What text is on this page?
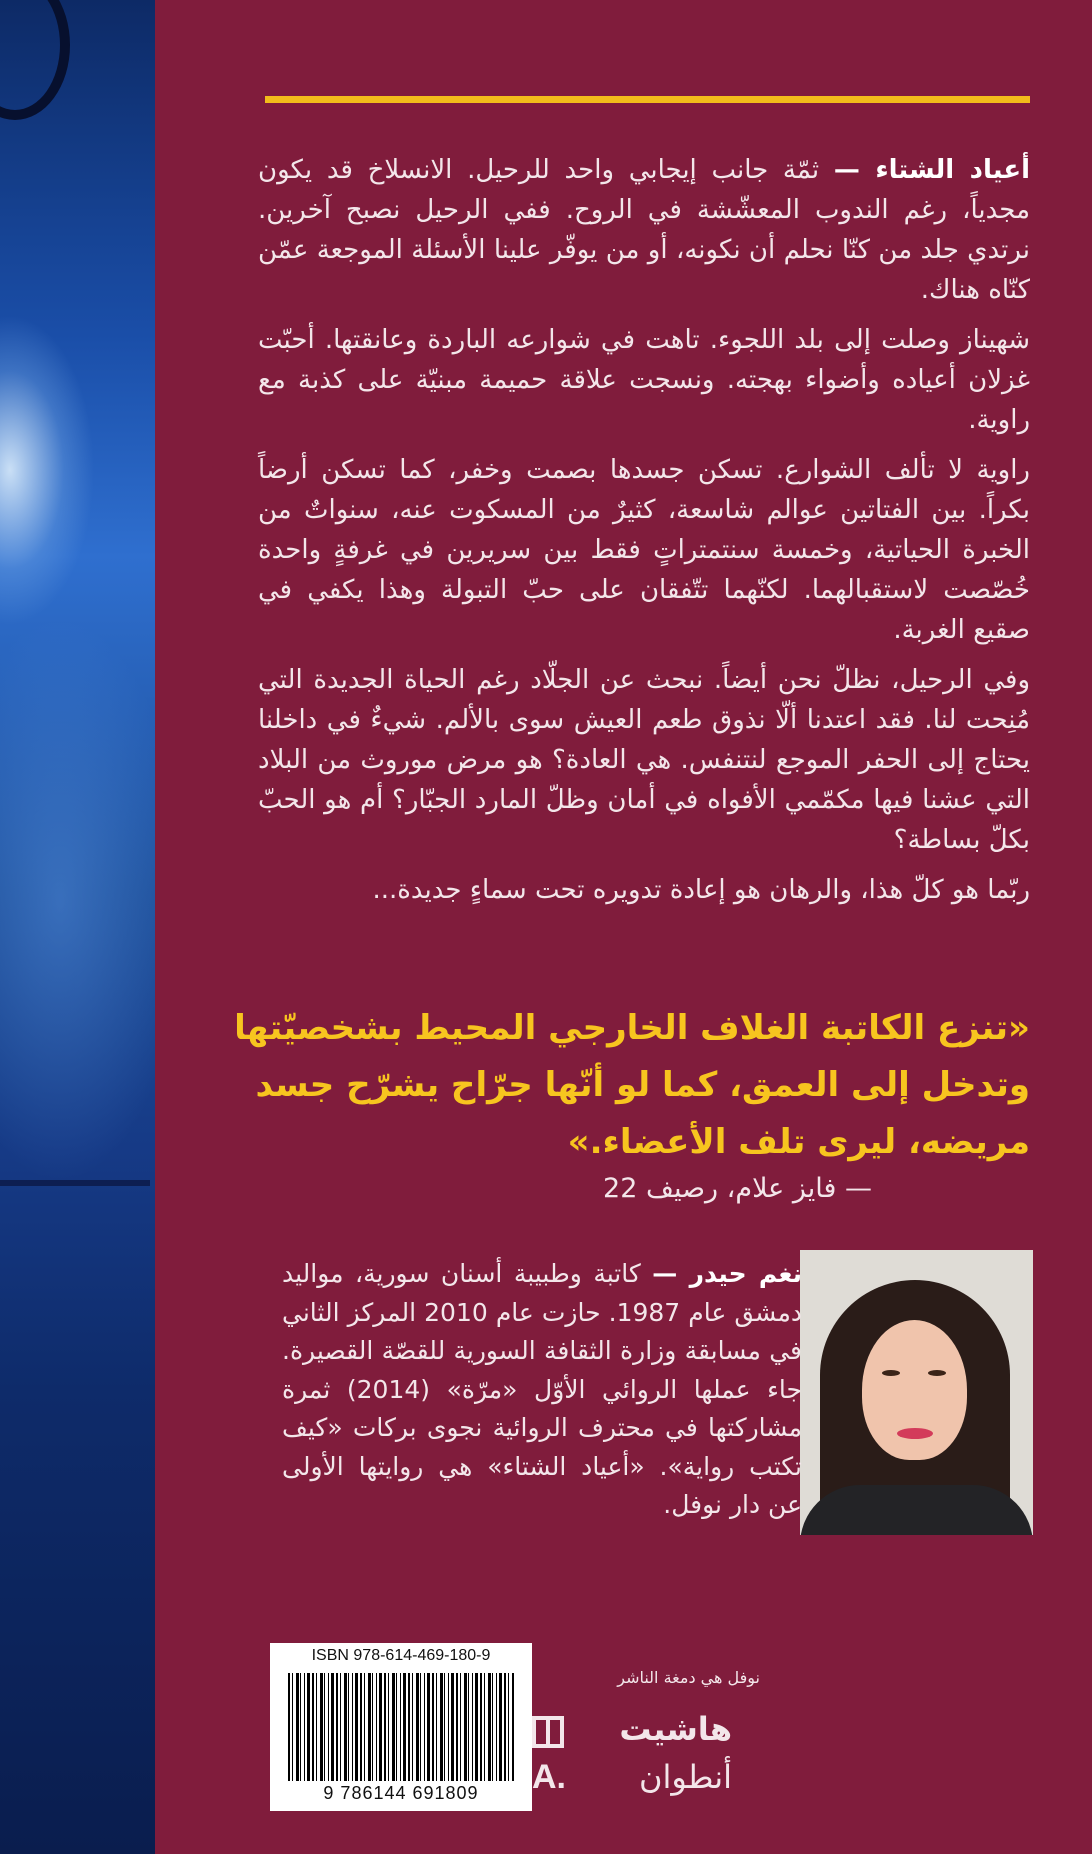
أعياد الشتاء — ثمّة جانب إيجابي واحد للرحيل. الانسلاخ قد يكون مجدياً، رغم الندوب المعشّشة في الروح. ففي الرحيل نصبح آخرين. نرتدي جلد من كنّا نحلم أن نكونه، أو من يوفّر علينا الأسئلة الموجعة عمّن كنّاه هناك.

شهيناز وصلت إلى بلد اللجوء. تاهت في شوارعه الباردة وعانقتها. أحبّت غزلان أعياده وأضواء بهجته. ونسجت علاقة حميمة مبنيّة على كذبة مع راوية.

راوية لا تألف الشوارع. تسكن جسدها بصمت وخفر، كما تسكن أرضاً بكراً. بين الفتاتين عوالم شاسعة، كثيرٌ من المسكوت عنه، سنواتٌ من الخبرة الحياتية، وخمسة سنتمتراتٍ فقط بين سريرين في غرفةٍ واحدة خُصّصت لاستقبالهما. لكنّهما تتّفقان على حبّ التبولة وهذا يكفي في صقيع الغربة.

وفي الرحيل، نظلّ نحن أيضاً. نبحث عن الجلّاد رغم الحياة الجديدة التي مُنِحت لنا. فقد اعتدنا ألّا نذوق طعم العيش سوى بالألم. شيءٌ في داخلنا يحتاج إلى الحفر الموجع لنتنفس. هي العادة؟ هو مرض موروث من البلاد التي عشنا فيها مكمّمي الأفواه في أمان وظلّ المارد الجبّار؟ أم هو الحبّ بكلّ بساطة؟

ربّما هو كلّ هذا، والرهان هو إعادة تدويره تحت سماءٍ جديدة...

«تنزع الكاتبة الغلاف الخارجي المحيط بشخصيّتها وتدخل إلى العمق، كما لو أنّها جرّاح يشرّح جسد مريضه، ليرى تلف الأعضاء.»
— فايز علام، رصيف 22
نغم حيدر — كاتبة وطبيبة أسنان سورية، مواليد دمشق عام 1987. حازت عام 2010 المركز الثاني في مسابقة وزارة الثقافة السورية للقصّة القصيرة. جاء عملها الروائي الأوّل «مرّة» (2014) ثمرة مشاركتها في محترف الروائية نجوى بركات «كيف تكتب رواية». «أعياد الشتاء» هي روايتها الأولى عن دار نوفل.
ISBN 978-614-469-180-9
9 786144 691809
نوفل هي دمغة الناشر
هاشيت
A. أنطوان
